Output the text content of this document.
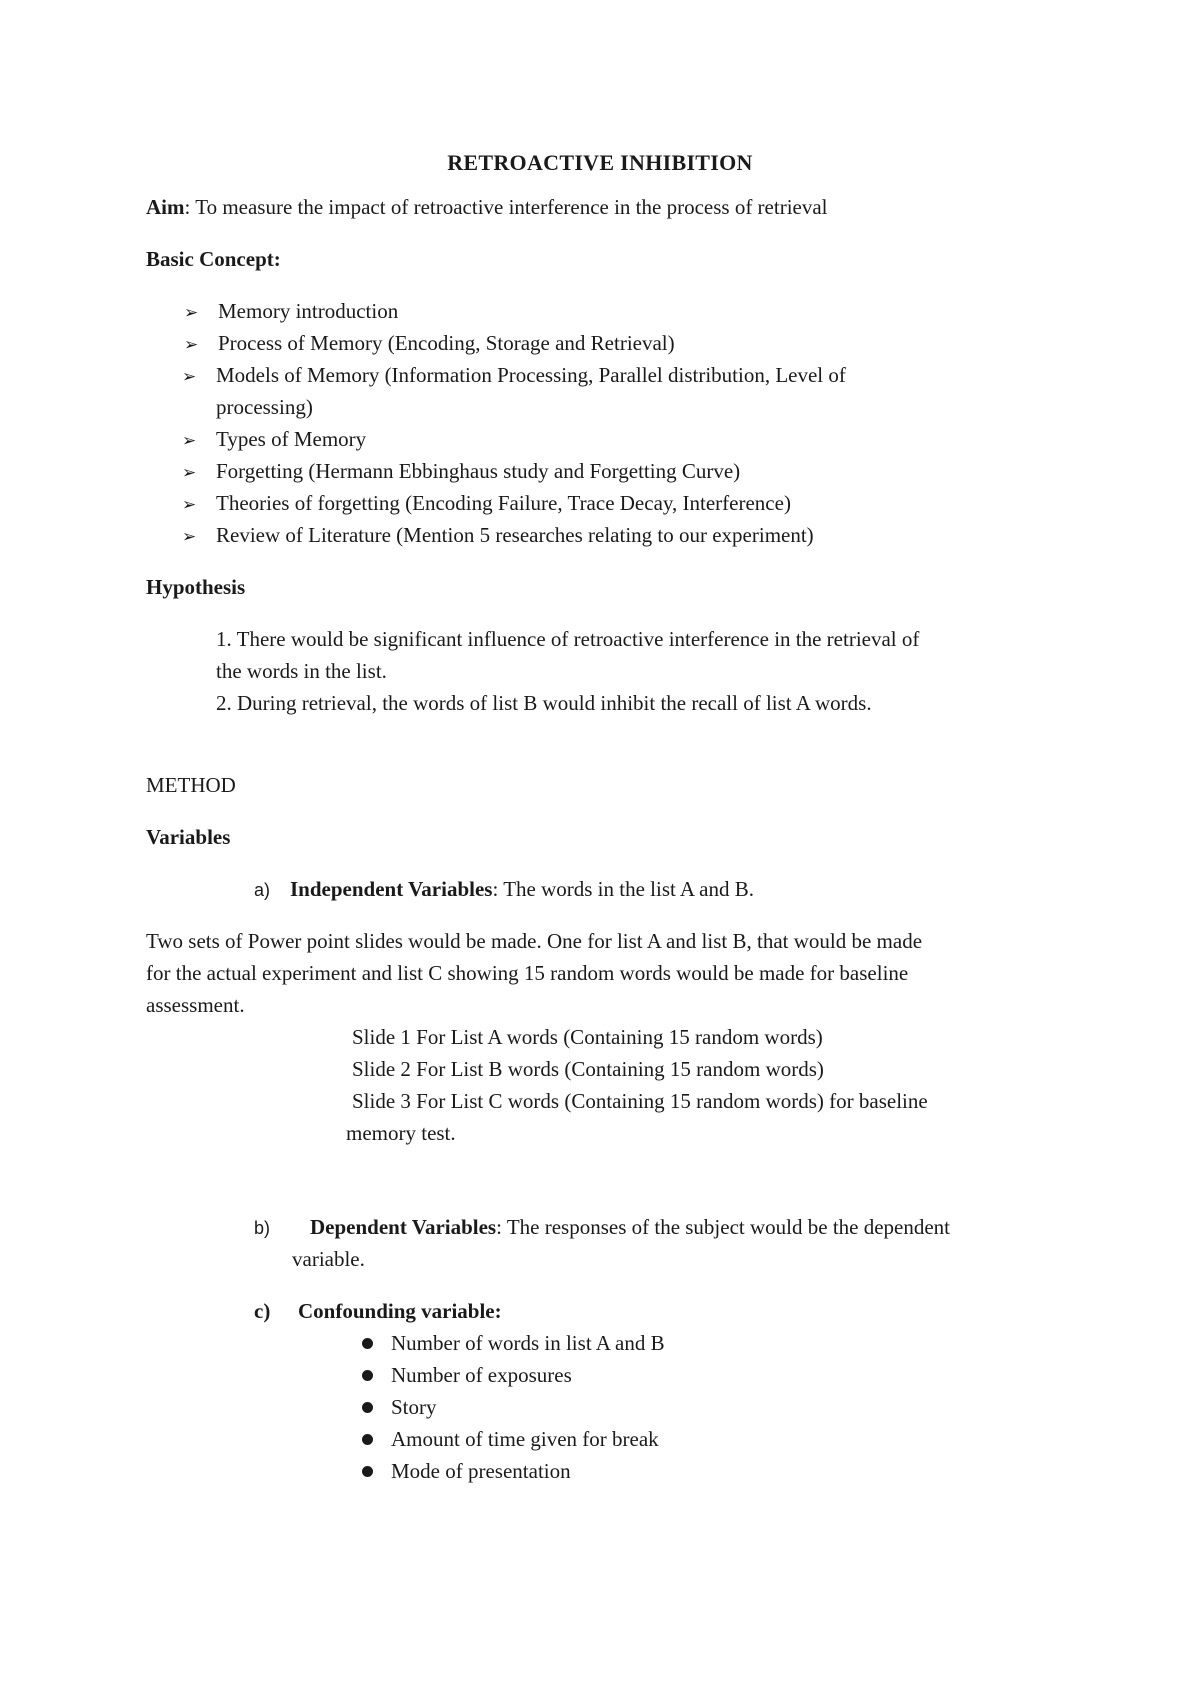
RETROACTIVE INHIBITION
Aim: To measure the impact of retroactive interference in the process of retrieval
Basic Concept:
➢ Memory introduction
➢ Process of Memory (Encoding, Storage and Retrieval)
➢ Models of Memory (Information Processing, Parallel distribution, Level of
processing)
➢ Types of Memory
➢ Forgetting (Hermann Ebbinghaus study and Forgetting Curve)
➢ Theories of forgetting (Encoding Failure, Trace Decay, Interference)
➢ Review of Literature (Mention 5 researches relating to our experiment)
Hypothesis
1. There would be significant influence of retroactive interference in the retrieval of
the words in the list.
2. During retrieval, the words of list B would inhibit the recall of list A words.
METHOD
Variables
a) Independent Variables: The words in the list A and B.
Two sets of Power point slides would be made. One for list A and list B, that would be made
for the actual experiment and list C showing 15 random words would be made for baseline
assessment.
Slide 1 For List A words (Containing 15 random words)
Slide 2 For List B words (Containing 15 random words)
Slide 3 For List C words (Containing 15 random words) for baseline
memory test.
b) Dependent Variables: The responses of the subject would be the dependent
variable.
c) Confounding variable:
Number of words in list A and B
Number of exposures
Story
Amount of time given for break
Mode of presentation
